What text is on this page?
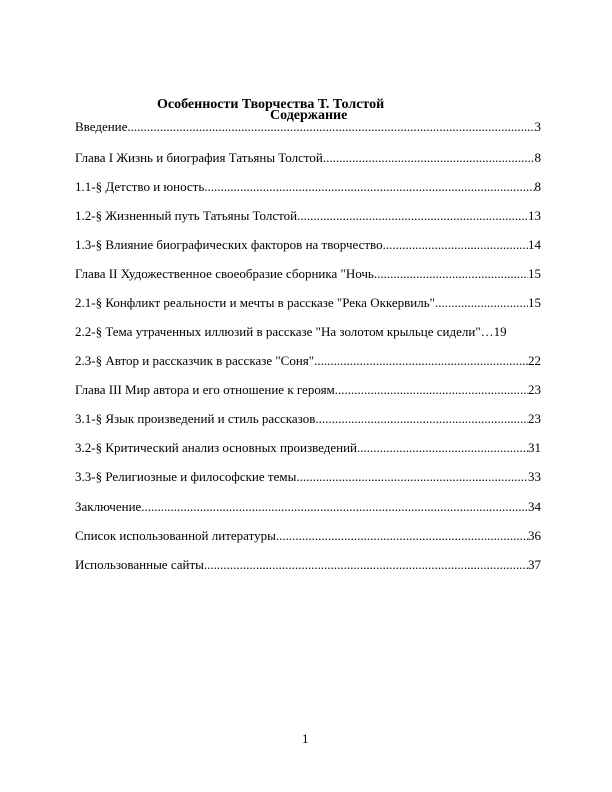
Особенности Творчества Т. Толстой
Содержание
Введение .....	3
Глава I Жизнь и биография Татьяны Толстой .....	8
1.1-§ Детство и юность .....	8
1.2-§ Жизненный путь Татьяны Толстой .....	13
1.3-§ Влияние биографических факторов на творчество .....	14
Глава II Художественное своеобразие сборника "Ночь .....	15
2.1-§ Конфликт реальности и мечты в рассказе "Река Оккервиль" .....	15
2.2-§ Тема утраченных иллюзий в рассказе "На золотом крыльце сидели" … 19
2.3-§ Автор и рассказчик в рассказе "Соня" .....	22
Глава III Мир автора и его отношение к героям .....	23
3.1-§ Язык произведений и стиль рассказов .....	23
3.2-§ Критический анализ основных произведений .....	31
3.3-§ Религиозные и философские темы .....	33
Заключение .....	34
Список использованной литературы .....	36
Использованные сайты .....	37
1
